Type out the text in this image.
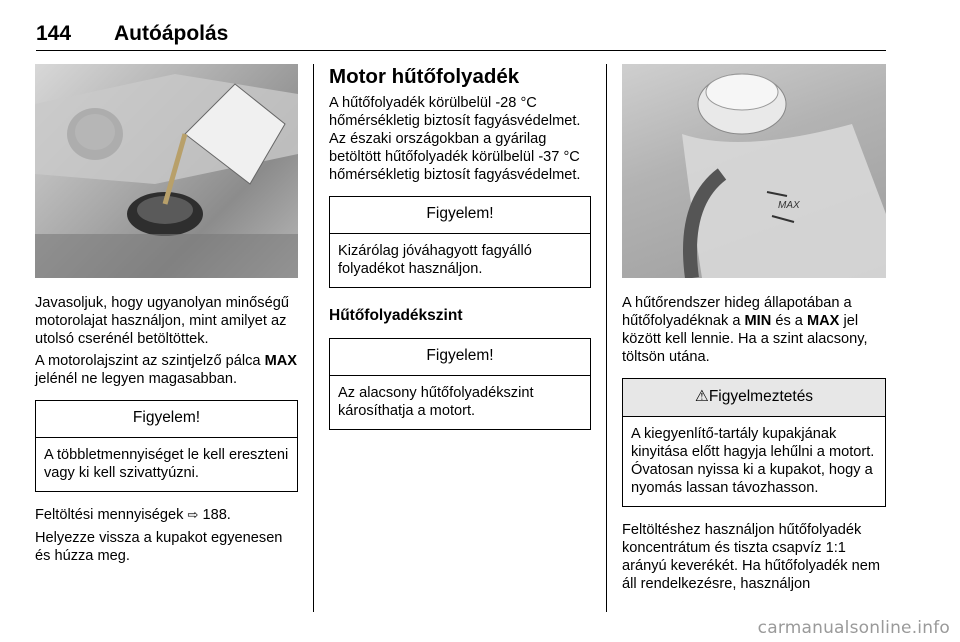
144 Autóápolás

Javasoljuk, hogy ugyanolyan minőségű motorolajat használjon, mint amilyet az utolsó cserénél betöltöttek.

A motorolajszint az szintjelző pálca MAX jelénél ne legyen magasabban.

Figyelem!
A többletmennyiséget le kell ereszteni vagy ki kell szivattyúzni.

Feltöltési mennyiségek ⇨ 188.

Helyezze vissza a kupakot egyenesen és húzza meg.

Motor hűtőfolyadék

A hűtőfolyadék körülbelül -28 °C hőmérsékletig biztosít fagyásvédelmet. Az északi országokban a gyárilag betöltött hűtőfolyadék körülbelül -37 °C hőmérsékletig biztosít fagyásvédelmet.

Figyelem!
Kizárólag jóváhagyott fagyálló folyadékot használjon.
Hűtőfolyadékszint
Figyelem!
Az alacsony hűtőfolyadékszint károsíthatja a motort.
MAX

A hűtőrendszer hideg állapotában a hűtőfolyadéknak a MIN és a MAX jel között kell lennie. Ha a szint alacsony, töltsön utána.

⚠Figyelmeztetés
A kiegyenlítő-tartály kupakjának kinyitása előtt hagyja lehűlni a motort. Óvatosan nyissa ki a kupakot, hogy a nyomás lassan távozhasson.

Feltöltéshez használjon hűtőfolyadék koncentrátum és tiszta csapvíz 1:1 arányú keverékét. Ha hűtőfolyadék nem áll rendelkezésre, használjon

carmanualsonline.info
